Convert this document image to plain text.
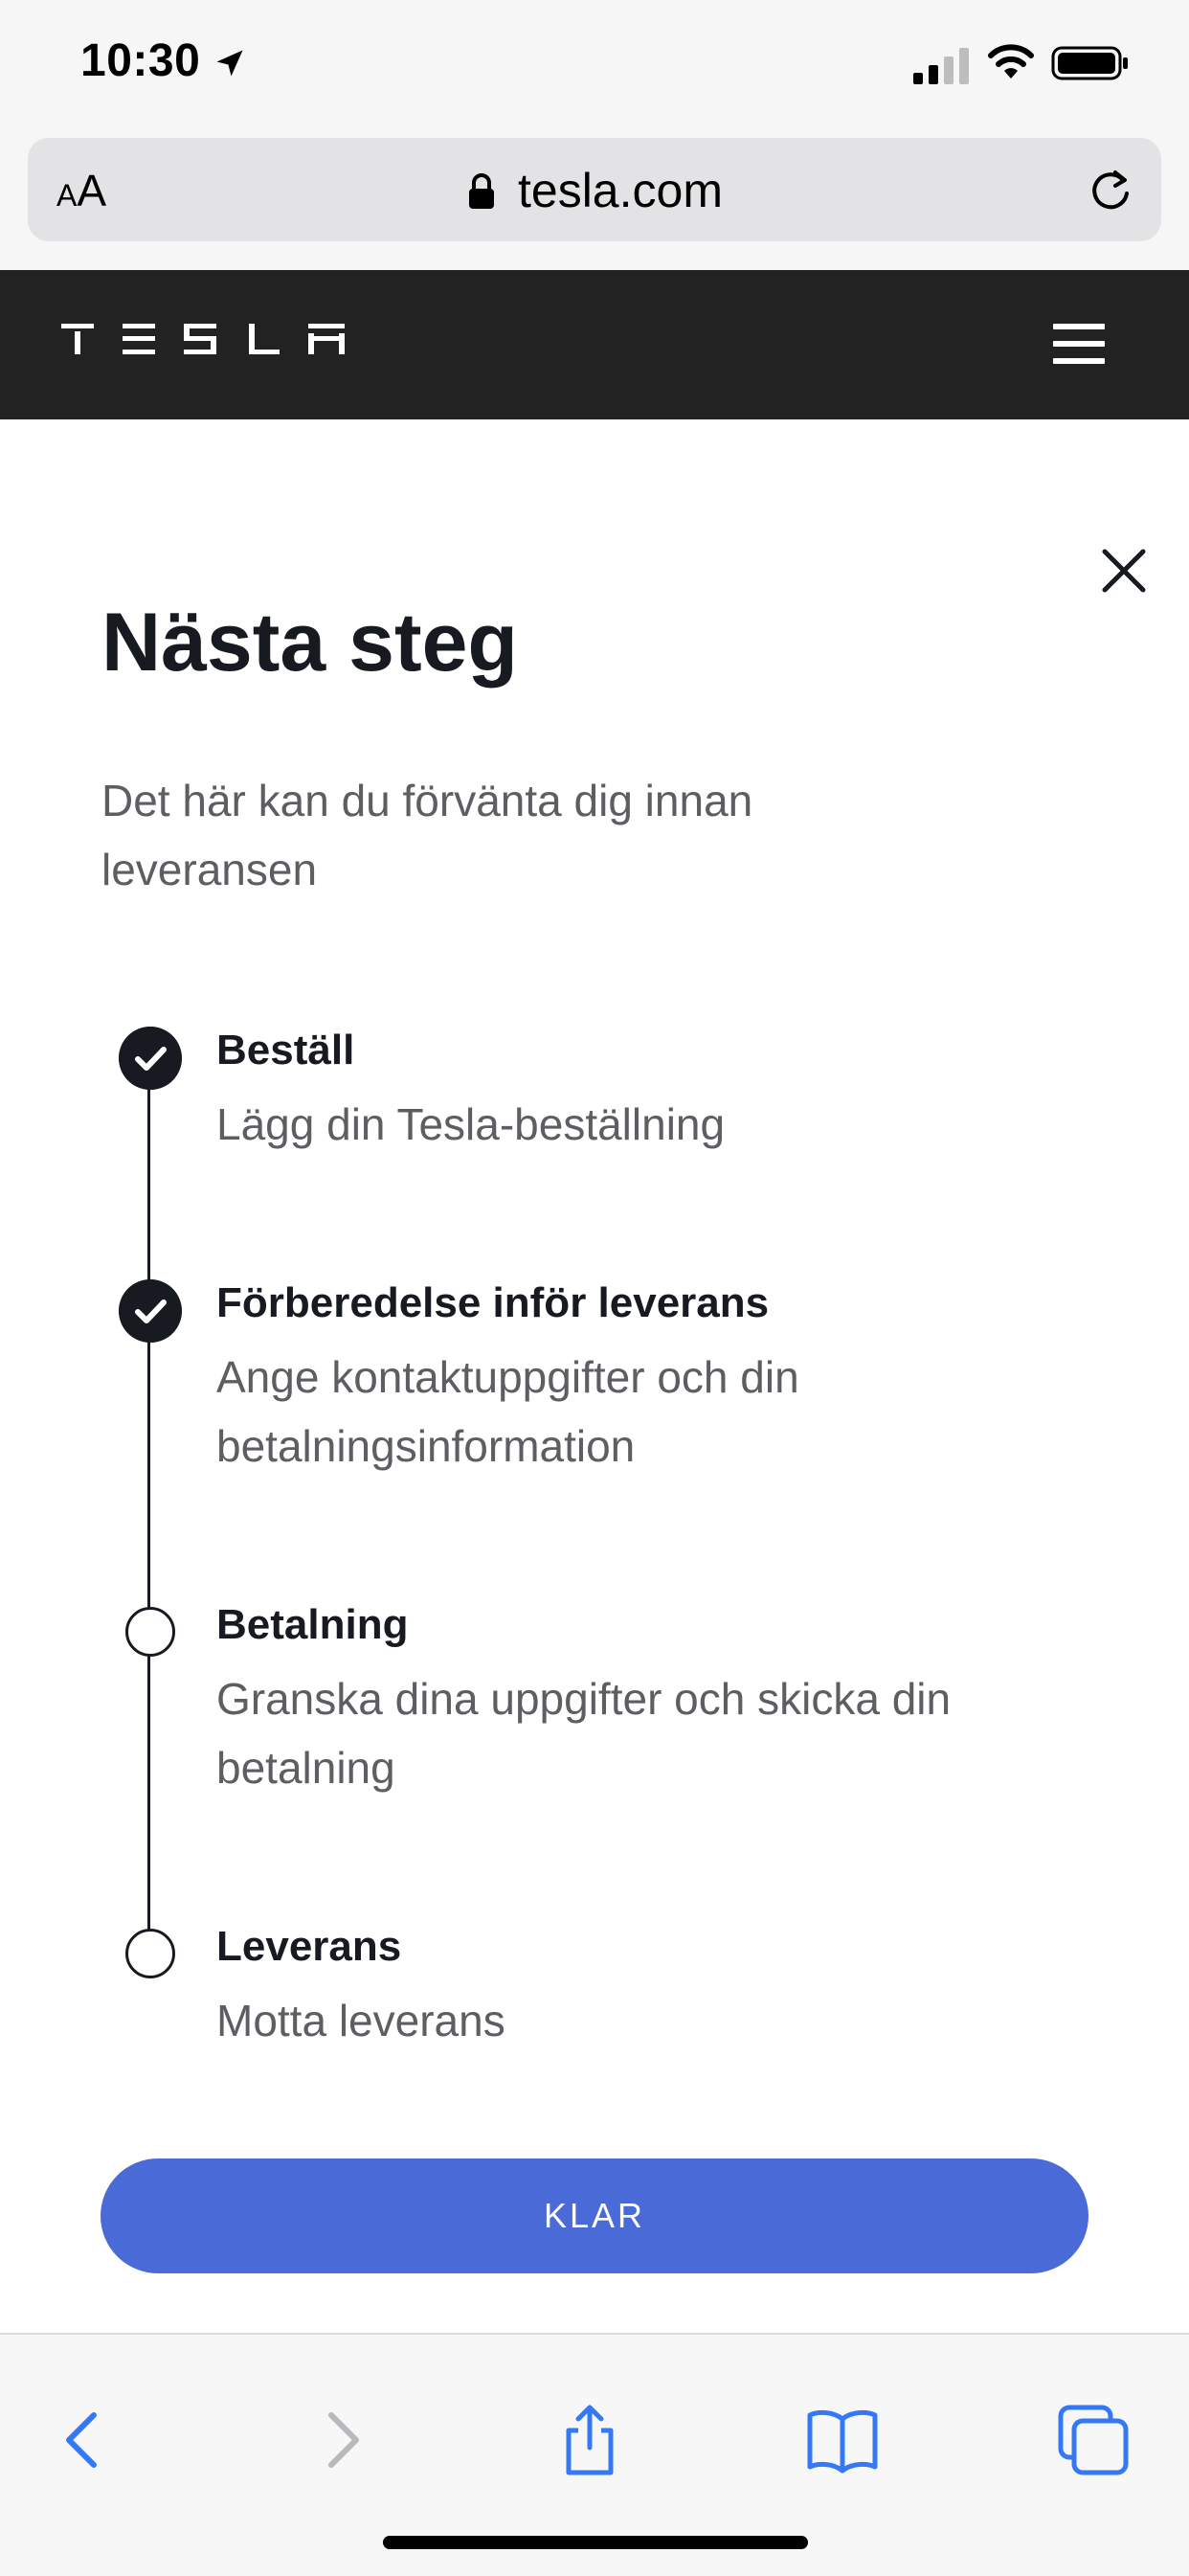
10:30
AA	tesla.com
Nästa steg

Det här kan du förvänta dig innan leveransen

Beställ
Lägg din Tesla-beställning
Förberedelse inför leverans
Ange kontaktuppgifter och din betalningsinformation
Betalning
Granska dina uppgifter och skicka din betalning
Leverans
Motta leverans
KLAR
